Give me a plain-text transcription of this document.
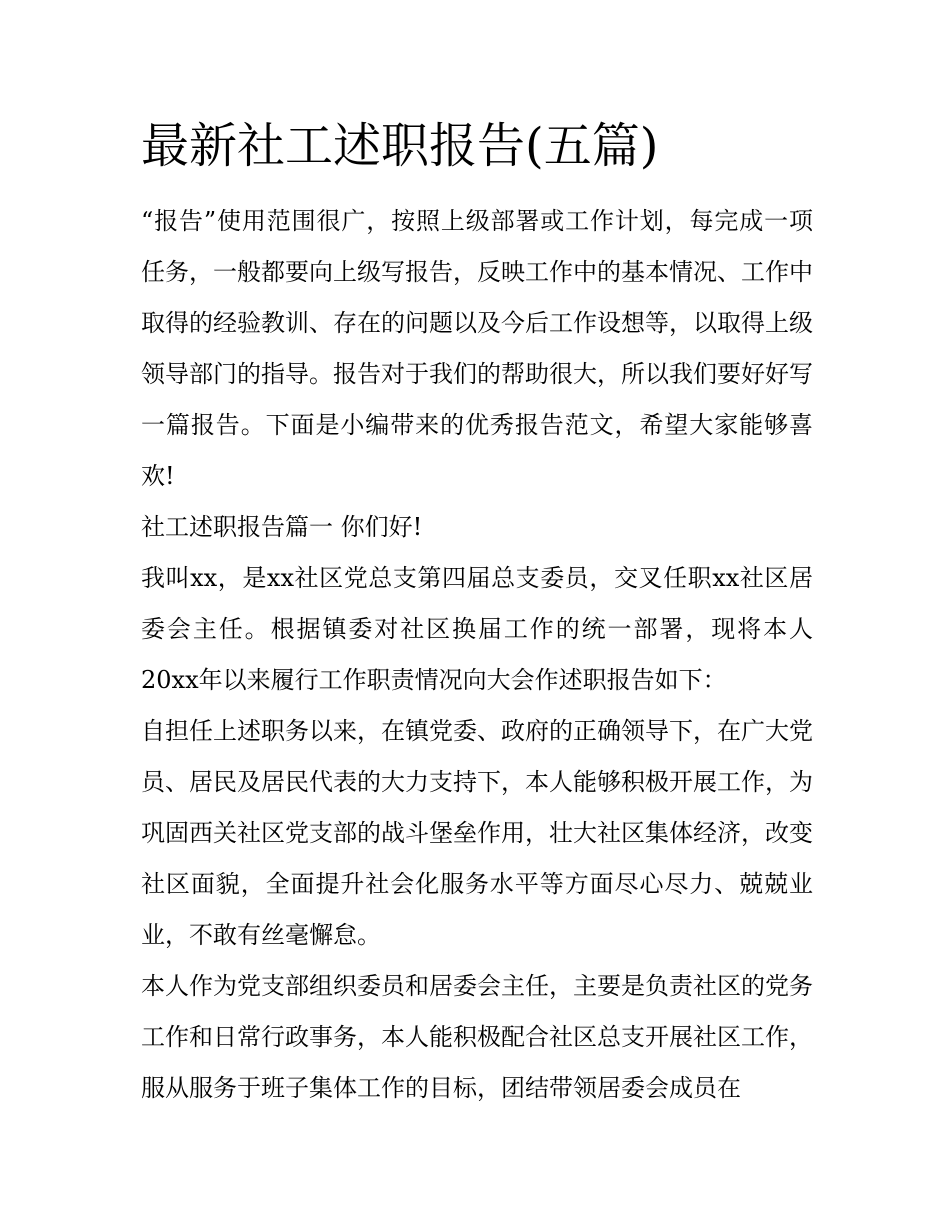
最新社工述职报告(五篇)

“报告”使用范围很广，按照上级部署或工作计划，每完成一项任务，一般都要向上级写报告，反映工作中的基本情况、工作中取得的经验教训、存在的问题以及今后工作设想等，以取得上级领导部门的指导。报告对于我们的帮助很大，所以我们要好好写一篇报告。下面是小编带来的优秀报告范文，希望大家能够喜欢!

社工述职报告篇一 你们好!

我叫xx，是xx社区党总支第四届总支委员，交叉任职xx社区居委会主任。根据镇委对社区换届工作的统一部署，现将本人20xx年以来履行工作职责情况向大会作述职报告如下：

自担任上述职务以来，在镇党委、政府的正确领导下，在广大党员、居民及居民代表的大力支持下，本人能够积极开展工作，为巩固西关社区党支部的战斗堡垒作用，壮大社区集体经济，改变社区面貌，全面提升社会化服务水平等方面尽心尽力、兢兢业业，不敢有丝毫懈怠。

本人作为党支部组织委员和居委会主任，主要是负责社区的党务工作和日常行政事务，本人能积极配合社区总支开展社区工作，服从服务于班子集体工作的目标，团结带领居委会成员在
